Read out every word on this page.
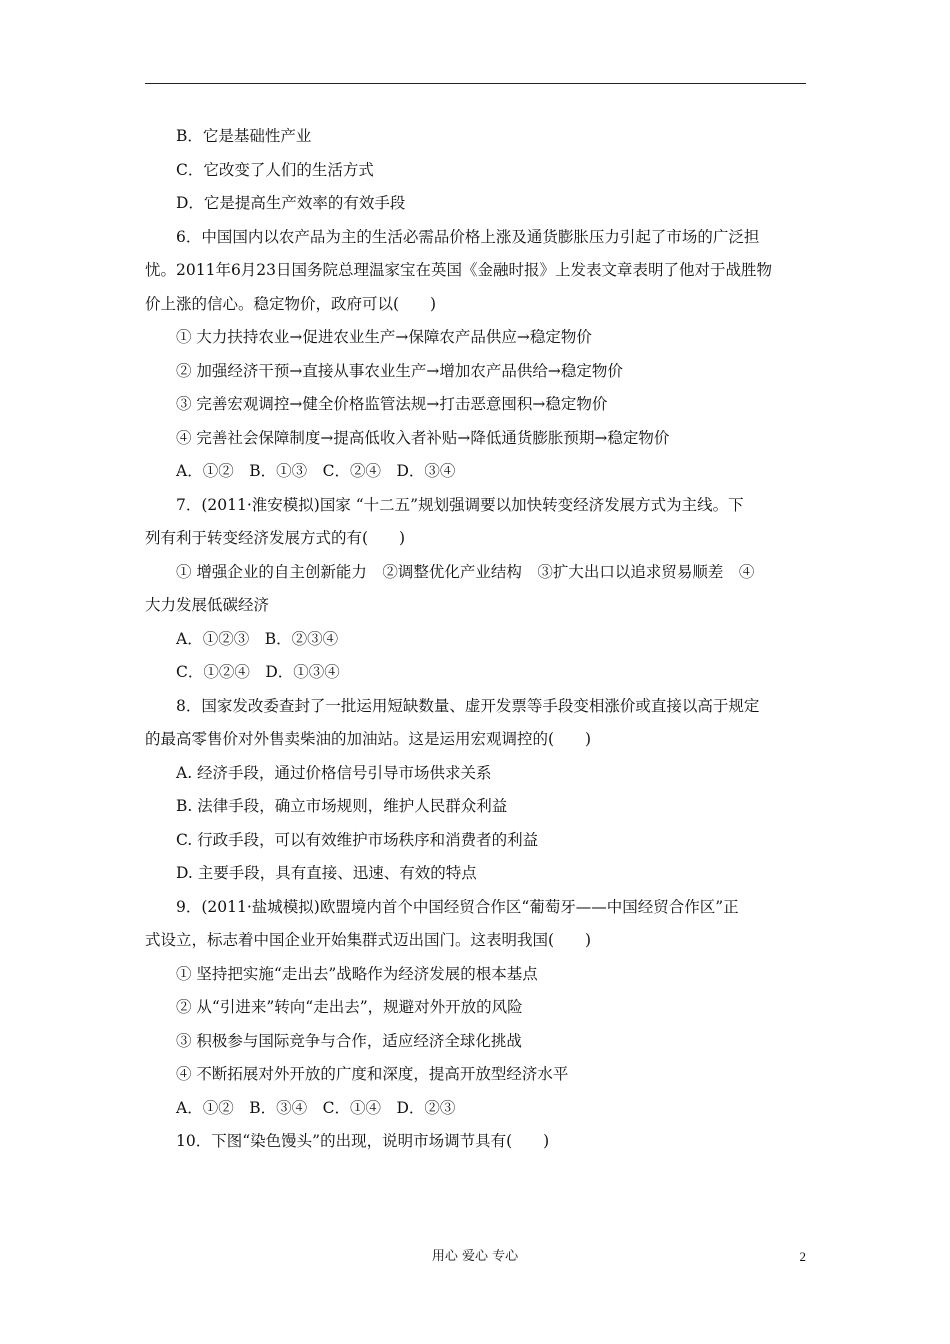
B．它是基础性产业
C．它改变了人们的生活方式
D．它是提高生产效率的有效手段
6．中国国内以农产品为主的生活必需品价格上涨及通货膨胀压力引起了市场的广泛担
忧。2011年6月23日国务院总理温家宝在英国《金融时报》上发表文章表明了他对于战胜物
价上涨的信心。稳定物价，政府可以(　　)
① 大力扶持农业→促进农业生产→保障农产品供应→稳定物价
② 加强经济干预→直接从事农业生产→增加农产品供给→稳定物价
③ 完善宏观调控→健全价格监管法规→打击恶意囤积→稳定物价
④ 完善社会保障制度→提高低收入者补贴→降低通货膨胀预期→稳定物价
A．①②　B．①③　C．②④　D．③④
7．(2011·淮安模拟)国家 “十二五”规划强调要以加快转变经济发展方式为主线。下
列有利于转变经济发展方式的有(　　)
① 增强企业的自主创新能力　②调整优化产业结构　③扩大出口以追求贸易顺差　④
大力发展低碳经济
A．①②③　B．②③④
C．①②④　D．①③④
8．国家发改委查封了一批运用短缺数量、虚开发票等手段变相涨价或直接以高于规定
的最高零售价对外售卖柴油的加油站。这是运用宏观调控的(　　)
A. 经济手段，通过价格信号引导市场供求关系
B. 法律手段，确立市场规则，维护人民群众利益
C. 行政手段，可以有效维护市场秩序和消费者的利益
D. 主要手段，具有直接、迅速、有效的特点
9．(2011·盐城模拟)欧盟境内首个中国经贸合作区“葡萄牙——中国经贸合作区”正
式设立，标志着中国企业开始集群式迈出国门。这表明我国(　　)
① 坚持把实施“走出去”战略作为经济发展的根本基点
② 从“引进来”转向“走出去”，规避对外开放的风险
③ 积极参与国际竞争与合作，适应经济全球化挑战
④ 不断拓展对外开放的广度和深度，提高开放型经济水平
A．①②　B．③④　C．①④　D．②③
10．下图“染色馒头”的出现，说明市场调节具有(　　)
用心 爱心 专心	2
